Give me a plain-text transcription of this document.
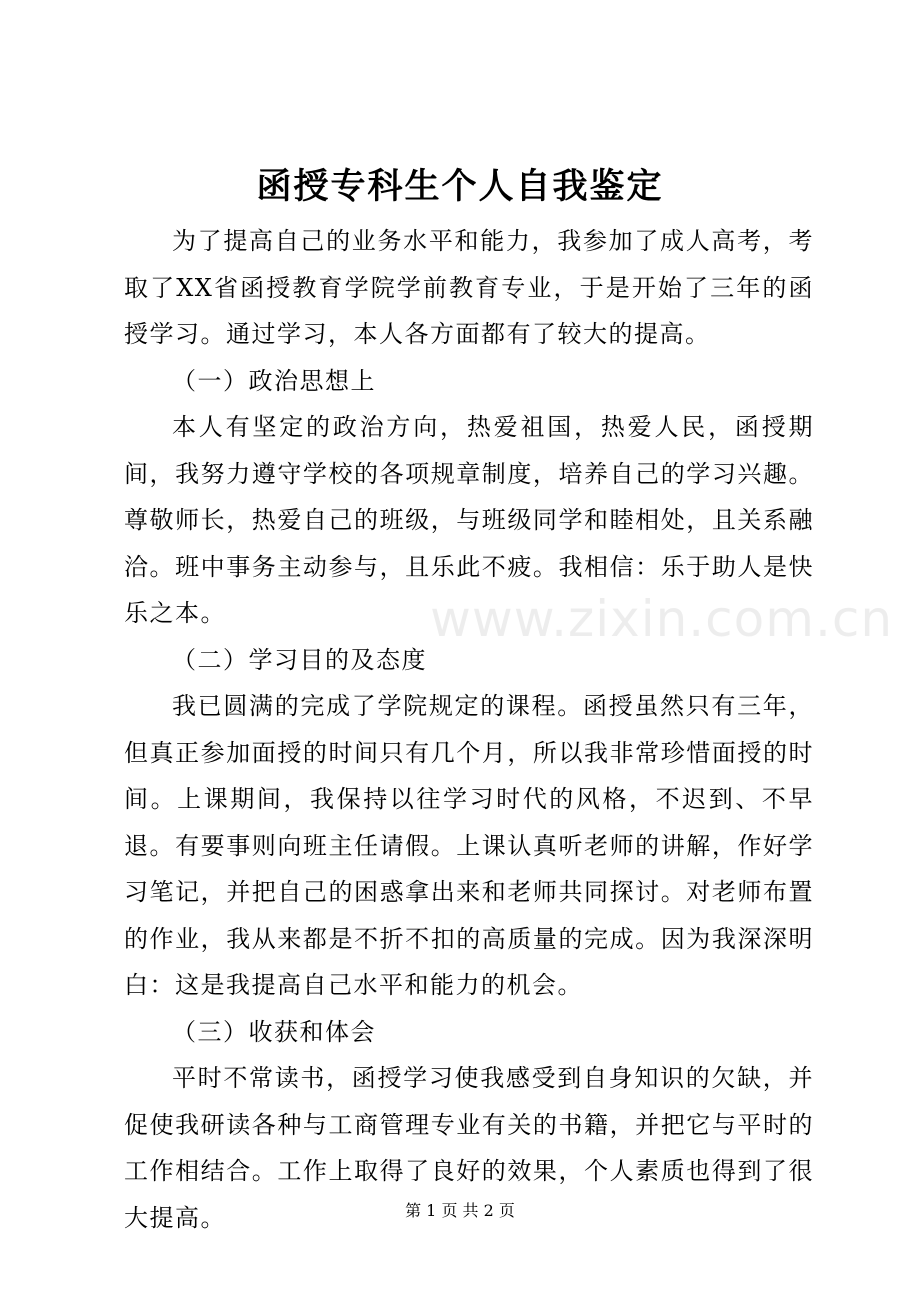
函授专科生个人自我鉴定

为了提高自己的业务水平和能力，我参加了成人高考，考取了XX省函授教育学院学前教育专业，于是开始了三年的函授学习。通过学习，本人各方面都有了较大的提高。

（一）政治思想上

本人有坚定的政治方向，热爱祖国，热爱人民，函授期间，我努力遵守学校的各项规章制度，培养自己的学习兴趣。尊敬师长，热爱自己的班级，与班级同学和睦相处，且关系融洽。班中事务主动参与，且乐此不疲。我相信：乐于助人是快乐之本。

（二）学习目的及态度

我已圆满的完成了学院规定的课程。函授虽然只有三年，但真正参加面授的时间只有几个月，所以我非常珍惜面授的时间。上课期间，我保持以往学习时代的风格，不迟到、不早退。有要事则向班主任请假。上课认真听老师的讲解，作好学习笔记，并把自己的困惑拿出来和老师共同探讨。对老师布置的作业，我从来都是不折不扣的高质量的完成。因为我深深明白：这是我提高自己水平和能力的机会。

（三）收获和体会

平时不常读书，函授学习使我感受到自身知识的欠缺，并促使我研读各种与工商管理专业有关的书籍，并把它与平时的工作相结合。工作上取得了良好的效果，个人素质也得到了很大提高。

www.zixin.com.cn
第 1 页 共 2 页
